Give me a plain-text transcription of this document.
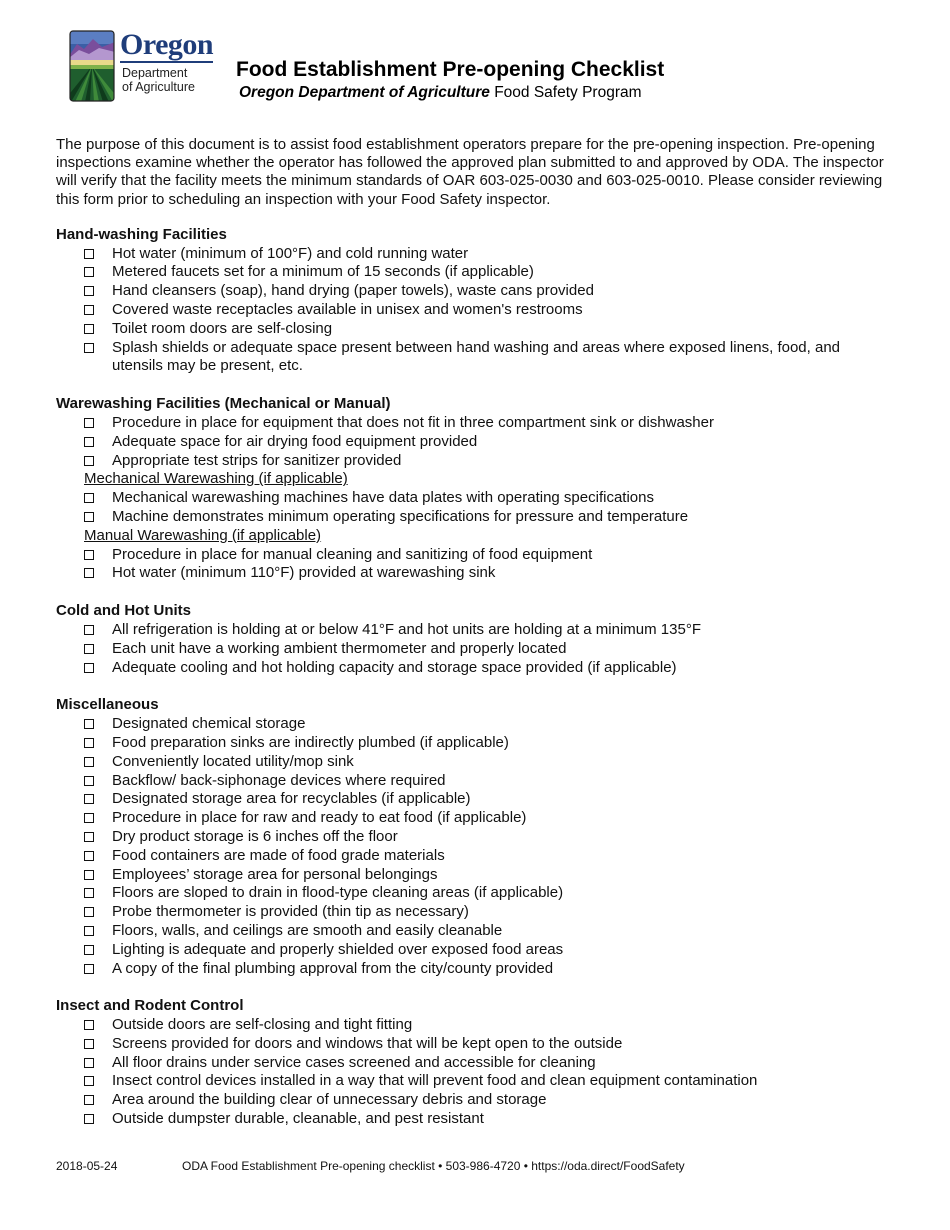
Oregon
Department
of Agriculture
Food Establishment Pre-opening Checklist
Oregon Department of Agriculture Food Safety Program

The purpose of this document is to assist food establishment operators prepare for the pre-opening inspection. Pre-opening inspections examine whether the operator has followed the approved plan submitted to and approved by ODA. The inspector will verify that the facility meets the minimum standards of OAR 603-025-0030 and 603-025-0010. Please consider reviewing this form prior to scheduling an inspection with your Food Safety inspector.

Hand-washing Facilities
Hot water (minimum of 100°F) and cold running water
Metered faucets set for a minimum of 15 seconds (if applicable)
Hand cleansers (soap), hand drying (paper towels), waste cans provided
Covered waste receptacles available in unisex and women's restrooms
Toilet room doors are self-closing
Splash shields or adequate space present between hand washing and areas where exposed linens, food, and utensils may be present, etc.
Warewashing Facilities (Mechanical or Manual)
Procedure in place for equipment that does not fit in three compartment sink or dishwasher
Adequate space for air drying food equipment provided
Appropriate test strips for sanitizer provided
Mechanical Warewashing (if applicable)
Mechanical warewashing machines have data plates with operating specifications
Machine demonstrates minimum operating specifications for pressure and temperature
Manual Warewashing (if applicable)
Procedure in place for manual cleaning and sanitizing of food equipment
Hot water (minimum 110°F) provided at warewashing sink
Cold and Hot Units
All refrigeration is holding at or below 41°F and hot units are holding at a minimum 135°F
Each unit have a working ambient thermometer and properly located
Adequate cooling and hot holding capacity and storage space provided (if applicable)
Miscellaneous
Designated chemical storage
Food preparation sinks are indirectly plumbed (if applicable)
Conveniently located utility/mop sink
Backflow/ back-siphonage devices where required
Designated storage area for recyclables (if applicable)
Procedure in place for raw and ready to eat food (if applicable)
Dry product storage is 6 inches off the floor
Food containers are made of food grade materials
Employees’ storage area for personal belongings
Floors are sloped to drain in flood-type cleaning areas (if applicable)
Probe thermometer is provided (thin tip as necessary)
Floors, walls, and ceilings are smooth and easily cleanable
Lighting is adequate and properly shielded over exposed food areas
A copy of the final plumbing approval from the city/county provided
Insect and Rodent Control
Outside doors are self-closing and tight fitting
Screens provided for doors and windows that will be kept open to the outside
All floor drains under service cases screened and accessible for cleaning
Insect control devices installed in a way that will prevent food and clean equipment contamination
Area around the building clear of unnecessary debris and storage
Outside dumpster durable, cleanable, and pest resistant
2018-05-24	ODA Food Establishment Pre-opening checklist • 503-986-4720 • https://oda.direct/FoodSafety
